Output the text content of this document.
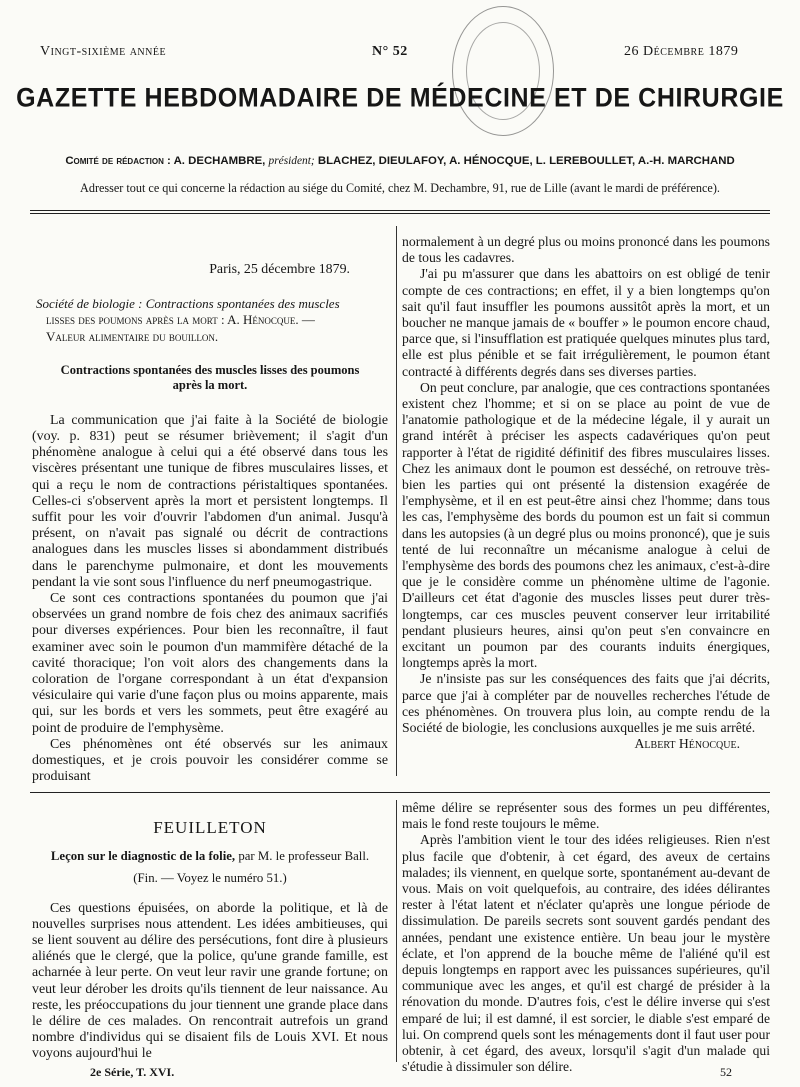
Vingt-sixième année	N° 52	26 Décembre 1879
GAZETTE HEBDOMADAIRE DE MÉDECINE ET DE CHIRURGIE
Comité de rédaction : A. DECHAMBRE, président; BLACHEZ, DIEULAFOY, A. HÉNOCQUE, L. LEREBOULLET, A.-H. MARCHAND
Adresser tout ce qui concerne la rédaction au siége du Comité, chez M. Dechambre, 91, rue de Lille (avant le mardi de préférence).
Paris, 25 décembre 1879.
Société de biologie : Contractions spontanées des muscles
lisses des poumons après la mort : A. Hénocque. —
Valeur alimentaire du bouillon.
Contractions spontanées des muscles lisses des poumons
après la mort.

La communication que j'ai faite à la Société de biologie (voy. p. 831) peut se résumer brièvement; il s'agit d'un phénomène analogue à celui qui a été observé dans tous les viscères présentant une tunique de fibres musculaires lisses, et qui a reçu le nom de contractions péristaltiques spontanées. Celles-ci s'observent après la mort et persistent longtemps. Il suffit pour les voir d'ouvrir l'abdomen d'un animal. Jusqu'à présent, on n'avait pas signalé ou décrit de contractions analogues dans les muscles lisses si abondamment distribués dans le parenchyme pulmonaire, et dont les mouvements pendant la vie sont sous l'influence du nerf pneumogastrique.

Ce sont ces contractions spontanées du poumon que j'ai observées un grand nombre de fois chez des animaux sacrifiés pour diverses expériences. Pour bien les reconnaître, il faut examiner avec soin le poumon d'un mammifère détaché de la cavité thoracique; l'on voit alors des changements dans la coloration de l'organe correspondant à un état d'expansion vésiculaire qui varie d'une façon plus ou moins apparente, mais qui, sur les bords et vers les sommets, peut être exagéré au point de produire de l'emphysème.

Ces phénomènes ont été observés sur les animaux domestiques, et je crois pouvoir les considérer comme se produisant

normalement à un degré plus ou moins prononcé dans les poumons de tous les cadavres.

J'ai pu m'assurer que dans les abattoirs on est obligé de tenir compte de ces contractions; en effet, il y a bien longtemps qu'on sait qu'il faut insuffler les poumons aussitôt après la mort, et un boucher ne manque jamais de « bouffer » le poumon encore chaud, parce que, si l'insufflation est pratiquée quelques minutes plus tard, elle est plus pénible et se fait irrégulièrement, le poumon étant contracté à différents degrés dans ses diverses parties.

On peut conclure, par analogie, que ces contractions spontanées existent chez l'homme; et si on se place au point de vue de l'anatomie pathologique et de la médecine légale, il y aurait un grand intérêt à préciser les aspects cadavériques qu'on peut rapporter à l'état de rigidité définitif des fibres musculaires lisses. Chez les animaux dont le poumon est desséché, on retrouve très-bien les parties qui ont présenté la distension exagérée de l'emphysème, et il en est peut-être ainsi chez l'homme; dans tous les cas, l'emphysème des bords du poumon est un fait si commun dans les autopsies (à un degré plus ou moins prononcé), que je suis tenté de lui reconnaître un mécanisme analogue à celui de l'emphysème des bords des poumons chez les animaux, c'est-à-dire que je le considère comme un phénomène ultime de l'agonie. D'ailleurs cet état d'agonie des muscles lisses peut durer très-longtemps, car ces muscles peuvent conserver leur irritabilité pendant plusieurs heures, ainsi qu'on peut s'en convaincre en excitant un poumon par des courants induits énergiques, longtemps après la mort.

Je n'insiste pas sur les conséquences des faits que j'ai décrits, parce que j'ai à compléter par de nouvelles recherches l'étude de ces phénomènes. On trouvera plus loin, au compte rendu de la Société de biologie, les conclusions auxquelles je me suis arrêté.

Albert Hénocque.
FEUILLETON
Leçon sur le diagnostic de la folie, par M. le professeur Ball.
(Fin. — Voyez le numéro 51.)

Ces questions épuisées, on aborde la politique, et là de nouvelles surprises nous attendent. Les idées ambitieuses, qui se lient souvent au délire des persécutions, font dire à plusieurs aliénés que le clergé, que la police, qu'une grande famille, est acharnée à leur perte. On veut leur ravir une grande fortune; on veut leur dérober les droits qu'ils tiennent de leur naissance. Au reste, les préoccupations du jour tiennent une grande place dans le délire de ces malades. On rencontrait autrefois un grand nombre d'individus qui se disaient fils de Louis XVI. Et nous voyons aujourd'hui le

même délire se représenter sous des formes un peu différentes, mais le fond reste toujours le même.

Après l'ambition vient le tour des idées religieuses. Rien n'est plus facile que d'obtenir, à cet égard, des aveux de certains malades; ils viennent, en quelque sorte, spontanément au-devant de vous. Mais on voit quelquefois, au contraire, des idées délirantes rester à l'état latent et n'éclater qu'après une longue période de dissimulation. De pareils secrets sont souvent gardés pendant des années, pendant une existence entière. Un beau jour le mystère éclate, et l'on apprend de la bouche même de l'aliéné qu'il est depuis longtemps en rapport avec les puissances supérieures, qu'il communique avec les anges, et qu'il est chargé de présider à la rénovation du monde. D'autres fois, c'est le délire inverse qui s'est emparé de lui; il est damné, il est sorcier, le diable s'est emparé de lui. On comprend quels sont les ménagements dont il faut user pour obtenir, à cet égard, des aveux, lorsqu'il s'agit d'un malade qui s'étudie à dissimuler son délire.

2e Série, T. XVI.	52
